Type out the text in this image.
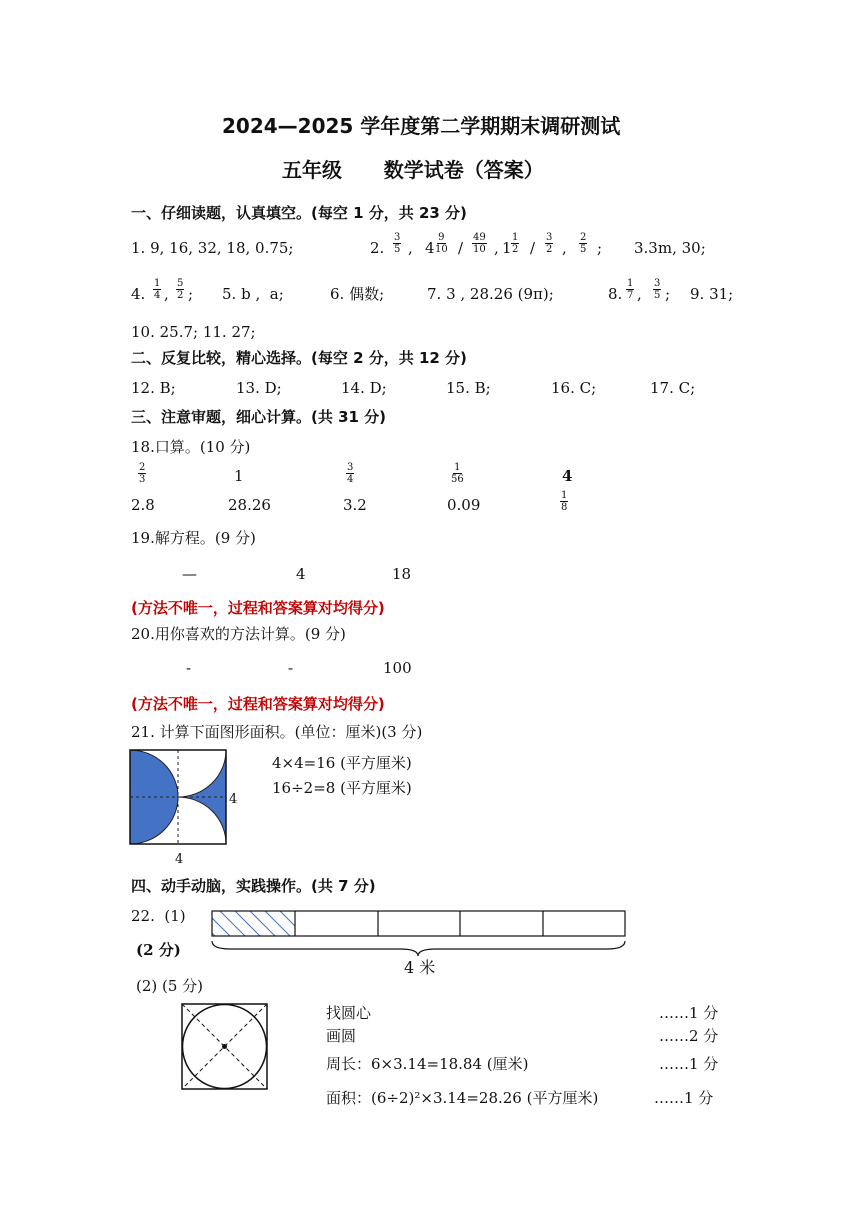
2024—2025 学年度第二学期期末调研测试
五年级      数学试卷（答案）
一、仔细读题，认真填空。(每空 1 分，共 23 分)
1. 9, 16, 32, 18, 0.75;	2. $\frac{3}{5}$ , $4 \frac{9}{10} / \frac{49}{10}$ , $1 \frac{1}{2} / \frac{3}{2}$ , $\frac{2}{5}$ ; 3.3m, 30;
4. $\frac{1}{4}$ , $\frac{5}{2}$ ; 5. b ,  a;	6. 偶数;	7. 3 , 28.26 (9π);	8. $\frac{1}{7}$ , $\frac{3}{5}$ ; 9. 31;
10. 25.7; 11. 27;
二、反复比较，精心选择。(每空 2 分，共 12 分)
12. B;	13. D;	14. D;	15. B;	16. C;	17. C;
三、注意审题，细心计算。(共 31 分)
18.口算。(10 分)
$\frac{2}{3}$	1	$\frac{3}{4}$	$\frac{1}{56}$	4
2.8	28.26	3.2	0.09	$\frac{1}{8}$
19.解方程。(9 分)
—	4	18
(方法不唯一，过程和答案算对均得分)
20.用你喜欢的方法计算。(9 分)
-	-	100
(方法不唯一，过程和答案算对均得分)
21. 计算下面图形面积。(单位：厘米)(3 分)
4
4
4×4=16 (平方厘米)
16÷2=8 (平方厘米)
四、动手动脑，实践操作。(共 7 分)
22.  (1)
(2 分)
4 米
(2) (5 分)
找圆心	……1 分
画圆	……2 分
周长：6×3.14=18.84 (厘米)	……1 分
面积：(6÷2)²×3.14=28.26 (平方厘米)	……1 分
